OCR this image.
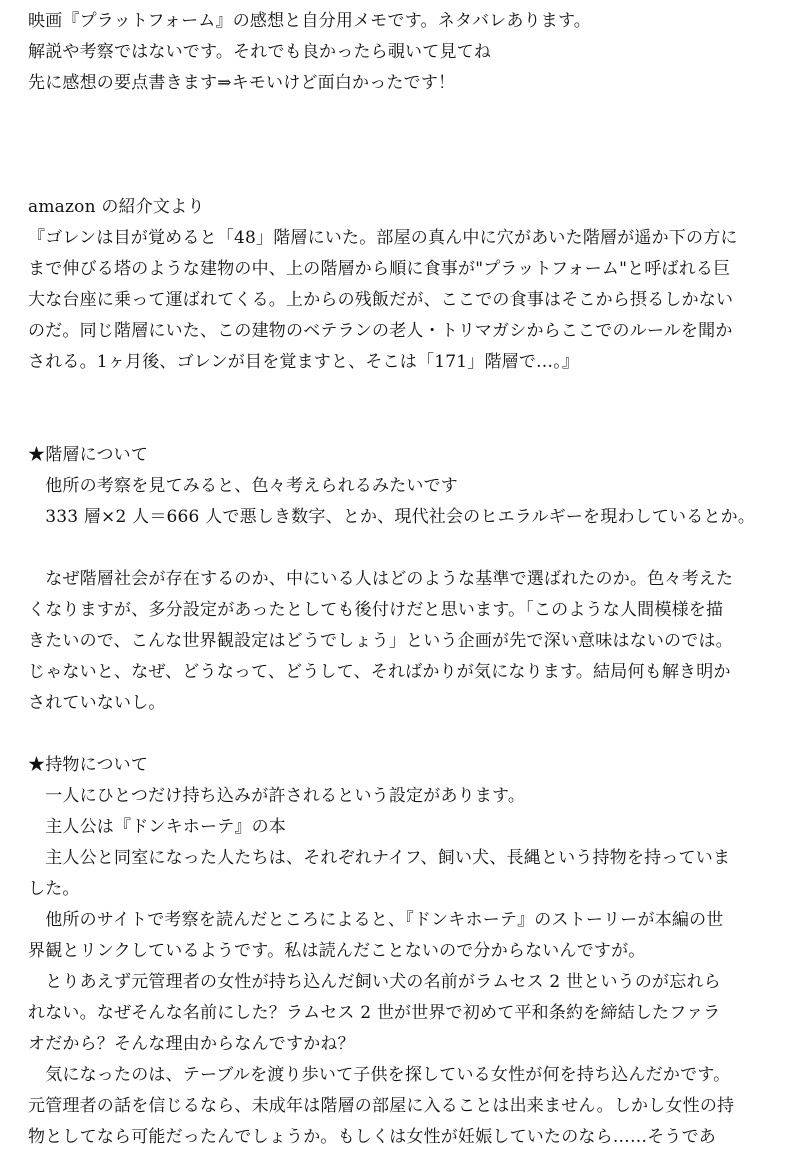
映画『プラットフォーム』の感想と自分用メモです。ネタバレあります。
解説や考察ではないです。それでも良かったら覗いて見てね
先に感想の要点書きます⇒キモいけど面白かったです！
amazon の紹介文より
『ゴレンは目が覚めると「48」階層にいた。部屋の真ん中に穴があいた階層が遥か下の方に
まで伸びる塔のような建物の中、上の階層から順に食事が"プラットフォーム"と呼ばれる巨
大な台座に乗って運ばれてくる。上からの残飯だが、ここでの食事はそこから摂るしかない
のだ。同じ階層にいた、この建物のベテランの老人・トリマガシからここでのルールを聞か
される。1ヶ月後、ゴレンが目を覚ますと、そこは「171」階層で…。』
★階層について
　他所の考察を見てみると、色々考えられるみたいです
　333 層×2 人＝666 人で悪しき数字、とか、現代社会のヒエラルギーを現わしているとか。
　なぜ階層社会が存在するのか、中にいる人はどのような基準で選ばれたのか。色々考えた
くなりますが、多分設定があったとしても後付けだと思います。「このような人間模様を描
きたいので、こんな世界観設定はどうでしょう」という企画が先で深い意味はないのでは。
じゃないと、なぜ、どうなって、どうして、そればかりが気になります。結局何も解き明か
されていないし。
★持物について
　一人にひとつだけ持ち込みが許されるという設定があります。
　主人公は『ドンキホーテ』の本
　主人公と同室になった人たちは、それぞれナイフ、飼い犬、長縄という持物を持っていま
した。
　他所のサイトで考察を読んだところによると、『ドンキホーテ』のストーリーが本編の世
界観とリンクしているようです。私は読んだことないので分からないんですが。
　とりあえず元管理者の女性が持ち込んだ飼い犬の名前がラムセス 2 世というのが忘れら
れない。なぜそんな名前にした？ラムセス 2 世が世界で初めて平和条約を締結したファラ
オだから？そんな理由からなんですかね？
　気になったのは、テーブルを渡り歩いて子供を探している女性が何を持ち込んだかです。
元管理者の話を信じるなら、未成年は階層の部屋に入ることは出来ません。しかし女性の持
物としてなら可能だったんでしょうか。もしくは女性が妊娠していたのなら……そうであ
